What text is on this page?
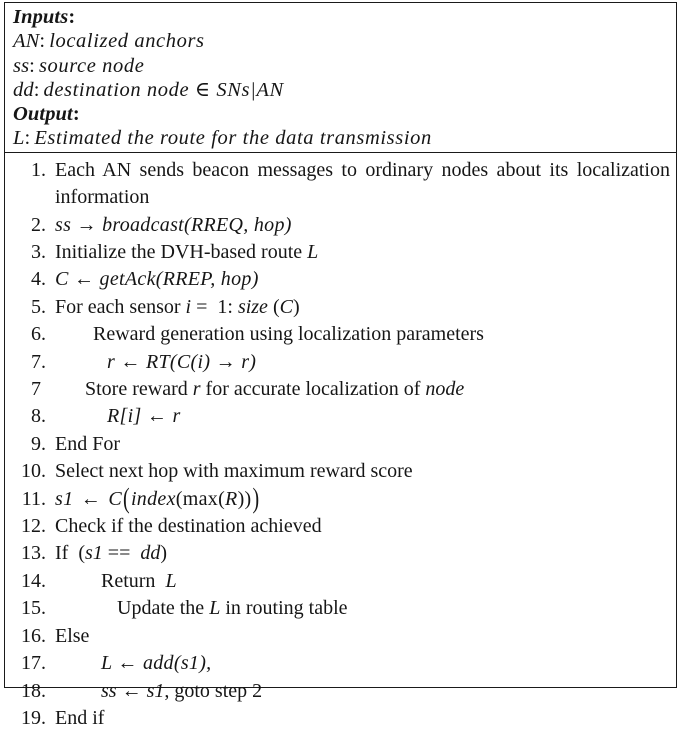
Inputs:
AN: localized anchors
ss: source node
dd: destination node ∈ SNs|AN
Output:
L: Estimated the route for the data transmission
1. Each AN sends beacon messages to ordinary nodes about its localization information
2. ss → broadcast(RREQ, hop)
3. Initialize the DVH-based route L
4. C ← getAck(RREP, hop)
5. For each sensor i = 1: size (C)
6.	Reward generation using localization parameters
7.	r ← RT(C(i) → r)
7	Store reward r for accurate localization of node
8.	R[i] ← r
9. End For
10. Select next hop with maximum reward score
11. s1 ← C(index(max(R)))
12. Check if the destination achieved
13. If  (s1 == dd)
14.	Return  L
15.	Update the L in routing table
16. Else
17.	L ← add(s1),
18.	ss ← s1, goto step 2
19. End if
